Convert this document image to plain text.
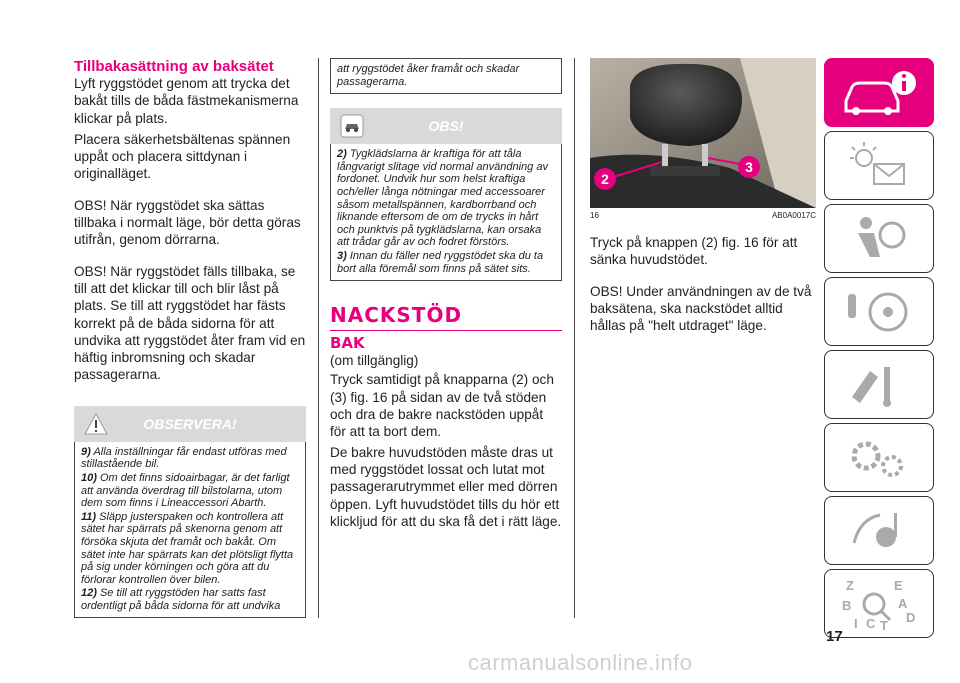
Tillbakasättning av baksätet
Lyft ryggstödet genom att trycka det bakåt tills de båda fästmekanismerna klickar på plats.
Placera säkerhetsbältenas spännen uppåt och placera sittdynan i originalläget.
OBS! När ryggstödet ska sättas tillbaka i normalt läge, bör detta göras utifrån, genom dörrarna.
OBS! När ryggstödet fälls tillbaka, se till att det klickar till och blir låst på plats. Se till att ryggstödet har fästs korrekt på de båda sidorna för att undvika att ryggstödet åter fram vid en häftig inbromsning och skadar passagerarna.
OBSERVERA!

9) Alla inställningar får endast utföras med stillastående bil.

10) Om det finns sidoairbagar, är det farligt att använda överdrag till bilstolarna, utom dem som finns i Lineaccessori Abarth.

11) Släpp justerspaken och kontrollera att sätet har spärrats på skenorna genom att försöka skjuta det framåt och bakåt. Om sätet inte har spärrats kan det plötsligt flytta på sig under körningen och göra att du förlorar kontrollen över bilen.

12) Se till att ryggstöden har satts fast ordentligt på båda sidorna för att undvika

att ryggstödet åker framåt och skadar passagerarna.

OBS!

2) Tygklädslarna är kraftiga för att tåla långvarigt slitage vid normal användning av fordonet. Undvik hur som helst kraftiga och/eller långa nötningar med accessoarer såsom metallspännen, kardborrband och liknande eftersom de om de trycks in hårt och punktvis på tygklädslarna, kan orsaka att trådar går av och fodret förstörs.

3) Innan du fäller ned ryggstödet ska du ta bort alla föremål som finns på sätet sits.

NACKSTÖD
BAK
(om tillgänglig)
Tryck samtidigt på knapparna (2) och (3) fig. 16 på sidan av de två stöden och dra de bakre nackstöden uppåt för att ta bort dem.
De bakre huvudstöden måste dras ut med ryggstödet lossat och lutat mot passagerarutrymmet eller med dörren öppen. Lyft huvudstödet tills du hör ett klickljud för att du ska få det i rätt läge.
2
3
16	AB0A0017C
Tryck på knappen (2) fig. 16 för att sänka huvudstödet.
OBS! Under användningen av de två baksätena, ska nackstödet alltid hållas på "helt utdraget" läge.
Z	E
B	A
I C T
D
17
carmanualsonline.info
